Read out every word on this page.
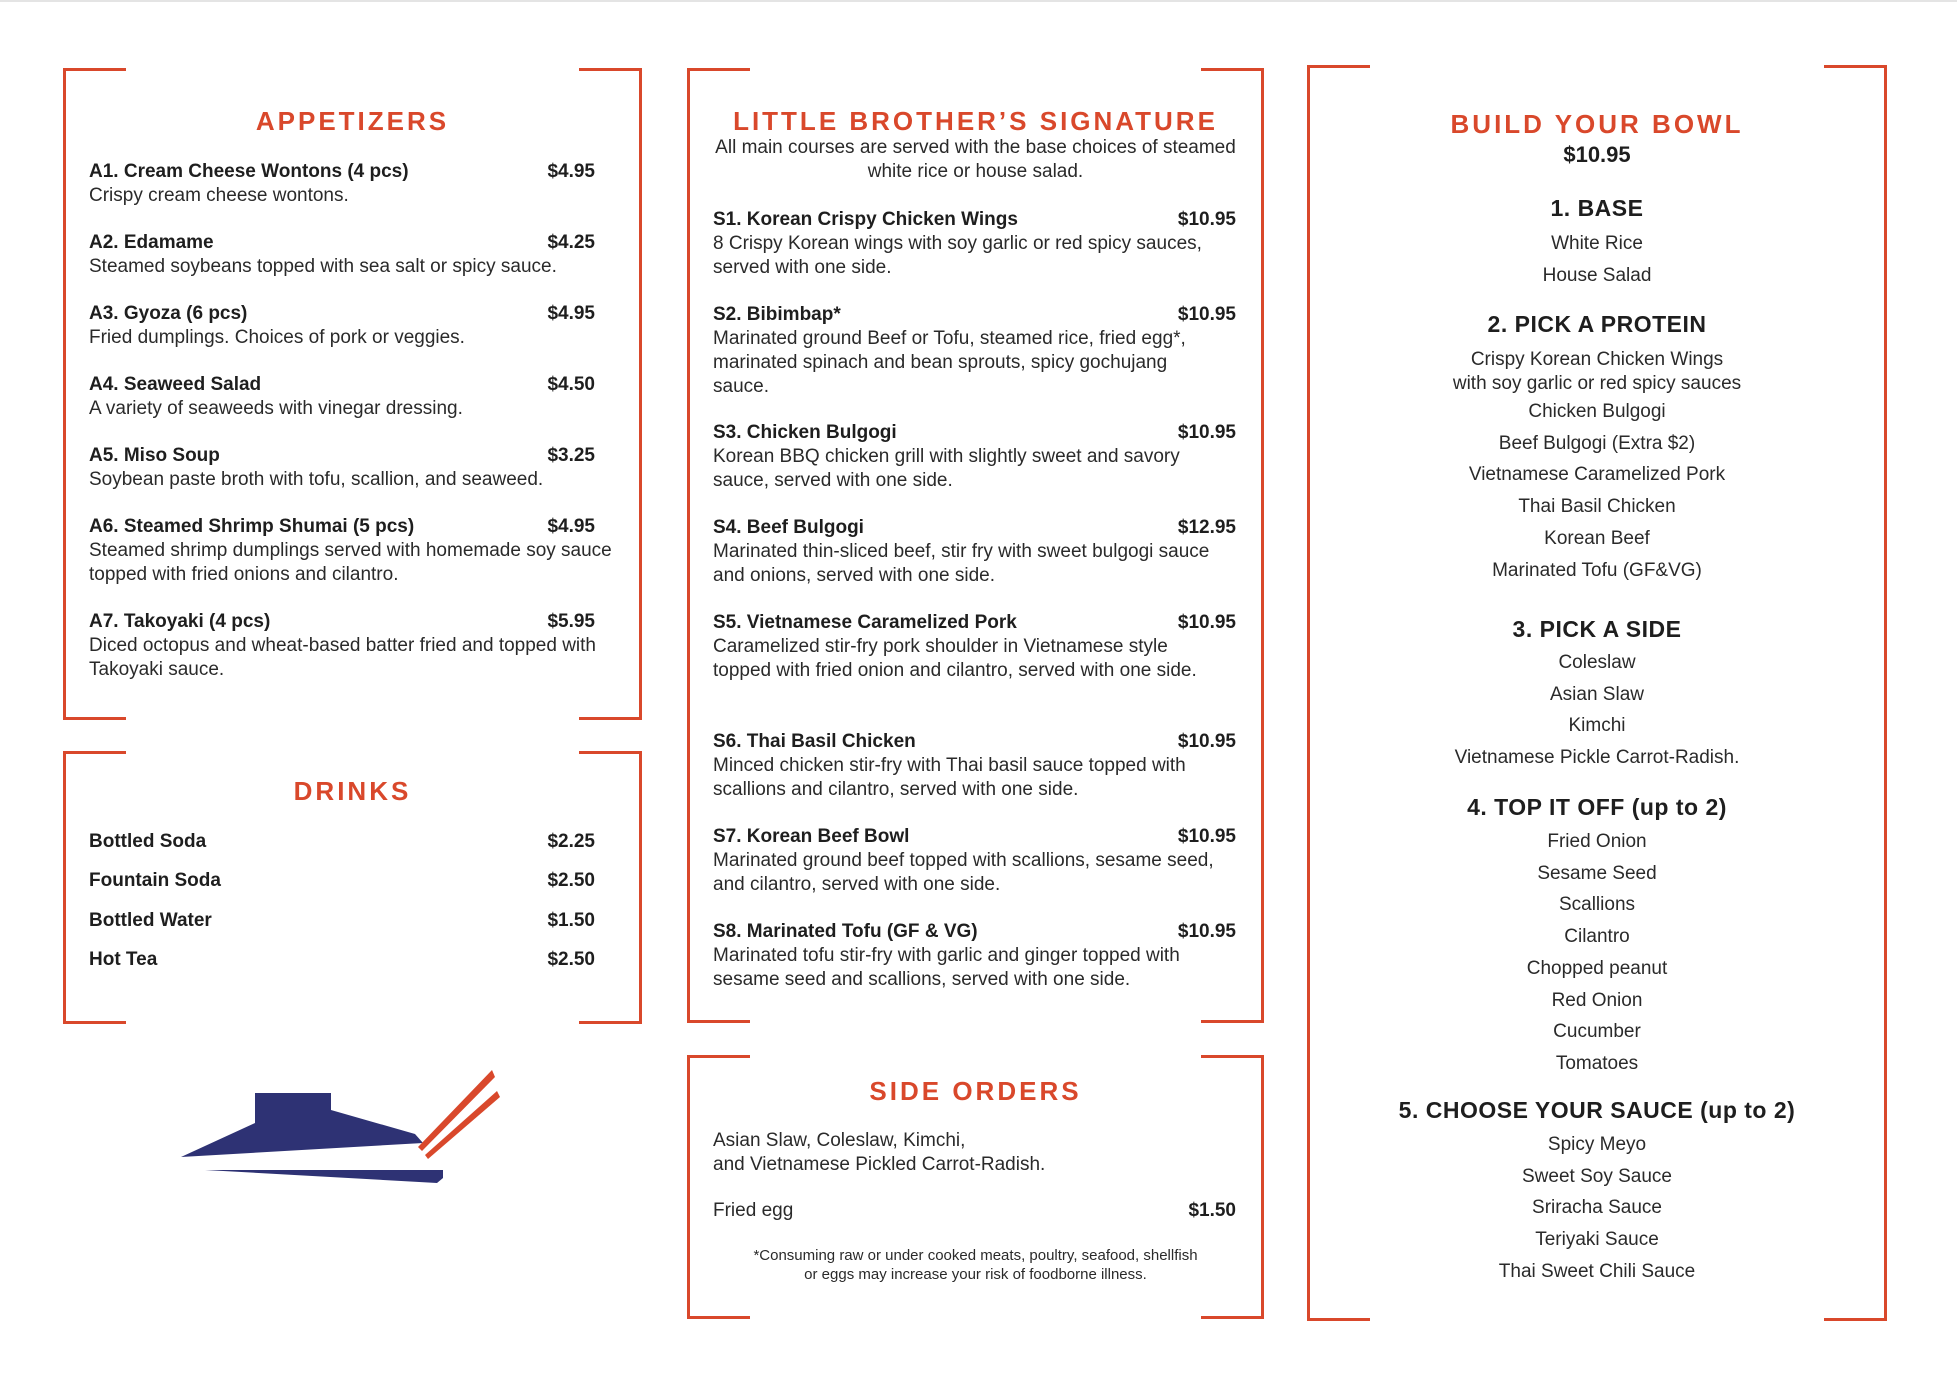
APPETIZERS
A1. Cream Cheese Wontons (4 pcs)	$4.95
Crispy cream cheese wontons.
A2. Edamame	$4.25
Steamed soybeans topped with sea salt or spicy sauce.
A3. Gyoza (6 pcs)	$4.95
Fried dumplings. Choices of pork or veggies.
A4. Seaweed Salad	$4.50
A variety of seaweeds with vinegar dressing.
A5. Miso Soup	$3.25
Soybean paste broth with tofu, scallion, and seaweed.
A6. Steamed Shrimp Shumai (5 pcs)	$4.95
Steamed shrimp dumplings served with homemade soy sauce topped with fried onions and cilantro.
A7. Takoyaki (4 pcs)	$5.95
Diced octopus and wheat-based batter fried and topped with Takoyaki sauce.
DRINKS
Bottled Soda	$2.25
Fountain Soda	$2.50
Bottled Water	$1.50
Hot Tea	$2.50
LITTLE BROTHER’S SIGNATURE
All main courses are served with the base choices of steamed white rice or house salad.
S1. Korean Crispy Chicken Wings	$10.95
8 Crispy Korean wings with soy garlic or red spicy sauces, served with one side.
S2. Bibimbap*	$10.95
Marinated ground Beef or Tofu, steamed rice, fried egg*, marinated spinach and bean sprouts, spicy gochujang sauce.
S3. Chicken Bulgogi	$10.95
Korean BBQ chicken grill with slightly sweet and savory sauce, served with one side.
S4. Beef Bulgogi	$12.95
Marinated thin-sliced beef, stir fry with sweet bulgogi sauce and onions, served with one side.
S5. Vietnamese Caramelized Pork	$10.95
Caramelized stir-fry pork shoulder in Vietnamese style topped with fried onion and cilantro, served with one side.
S6. Thai Basil Chicken	$10.95
Minced chicken stir-fry with Thai basil sauce topped with scallions and cilantro, served with one side.
S7. Korean Beef Bowl	$10.95
Marinated ground beef topped with scallions, sesame seed, and cilantro, served with one side.
S8. Marinated Tofu (GF & VG)	$10.95
Marinated tofu stir-fry with garlic and ginger topped with sesame seed and scallions, served with one side.
SIDE ORDERS
Asian Slaw, Coleslaw, Kimchi,
and Vietnamese Pickled Carrot-Radish.
Fried egg	$1.50
*Consuming raw or under cooked meats, poultry, seafood, shellfish
or eggs may increase your risk of foodborne illness.
BUILD YOUR BOWL
$10.95
1. BASE
White Rice
House Salad
2. PICK A PROTEIN
Crispy Korean Chicken Wings
with soy garlic or red spicy sauces
Chicken Bulgogi
Beef Bulgogi (Extra $2)
Vietnamese Caramelized Pork
Thai Basil Chicken
Korean Beef
Marinated Tofu (GF&VG)
3. PICK A SIDE
Coleslaw
Asian Slaw
Kimchi
Vietnamese Pickle Carrot-Radish.
4. TOP IT OFF (up to 2)
Fried Onion
Sesame Seed
Scallions
Cilantro
Chopped peanut
Red Onion
Cucumber
Tomatoes
5. CHOOSE YOUR SAUCE (up to 2)
Spicy Meyo
Sweet Soy Sauce
Sriracha Sauce
Teriyaki Sauce
Thai Sweet Chili Sauce
